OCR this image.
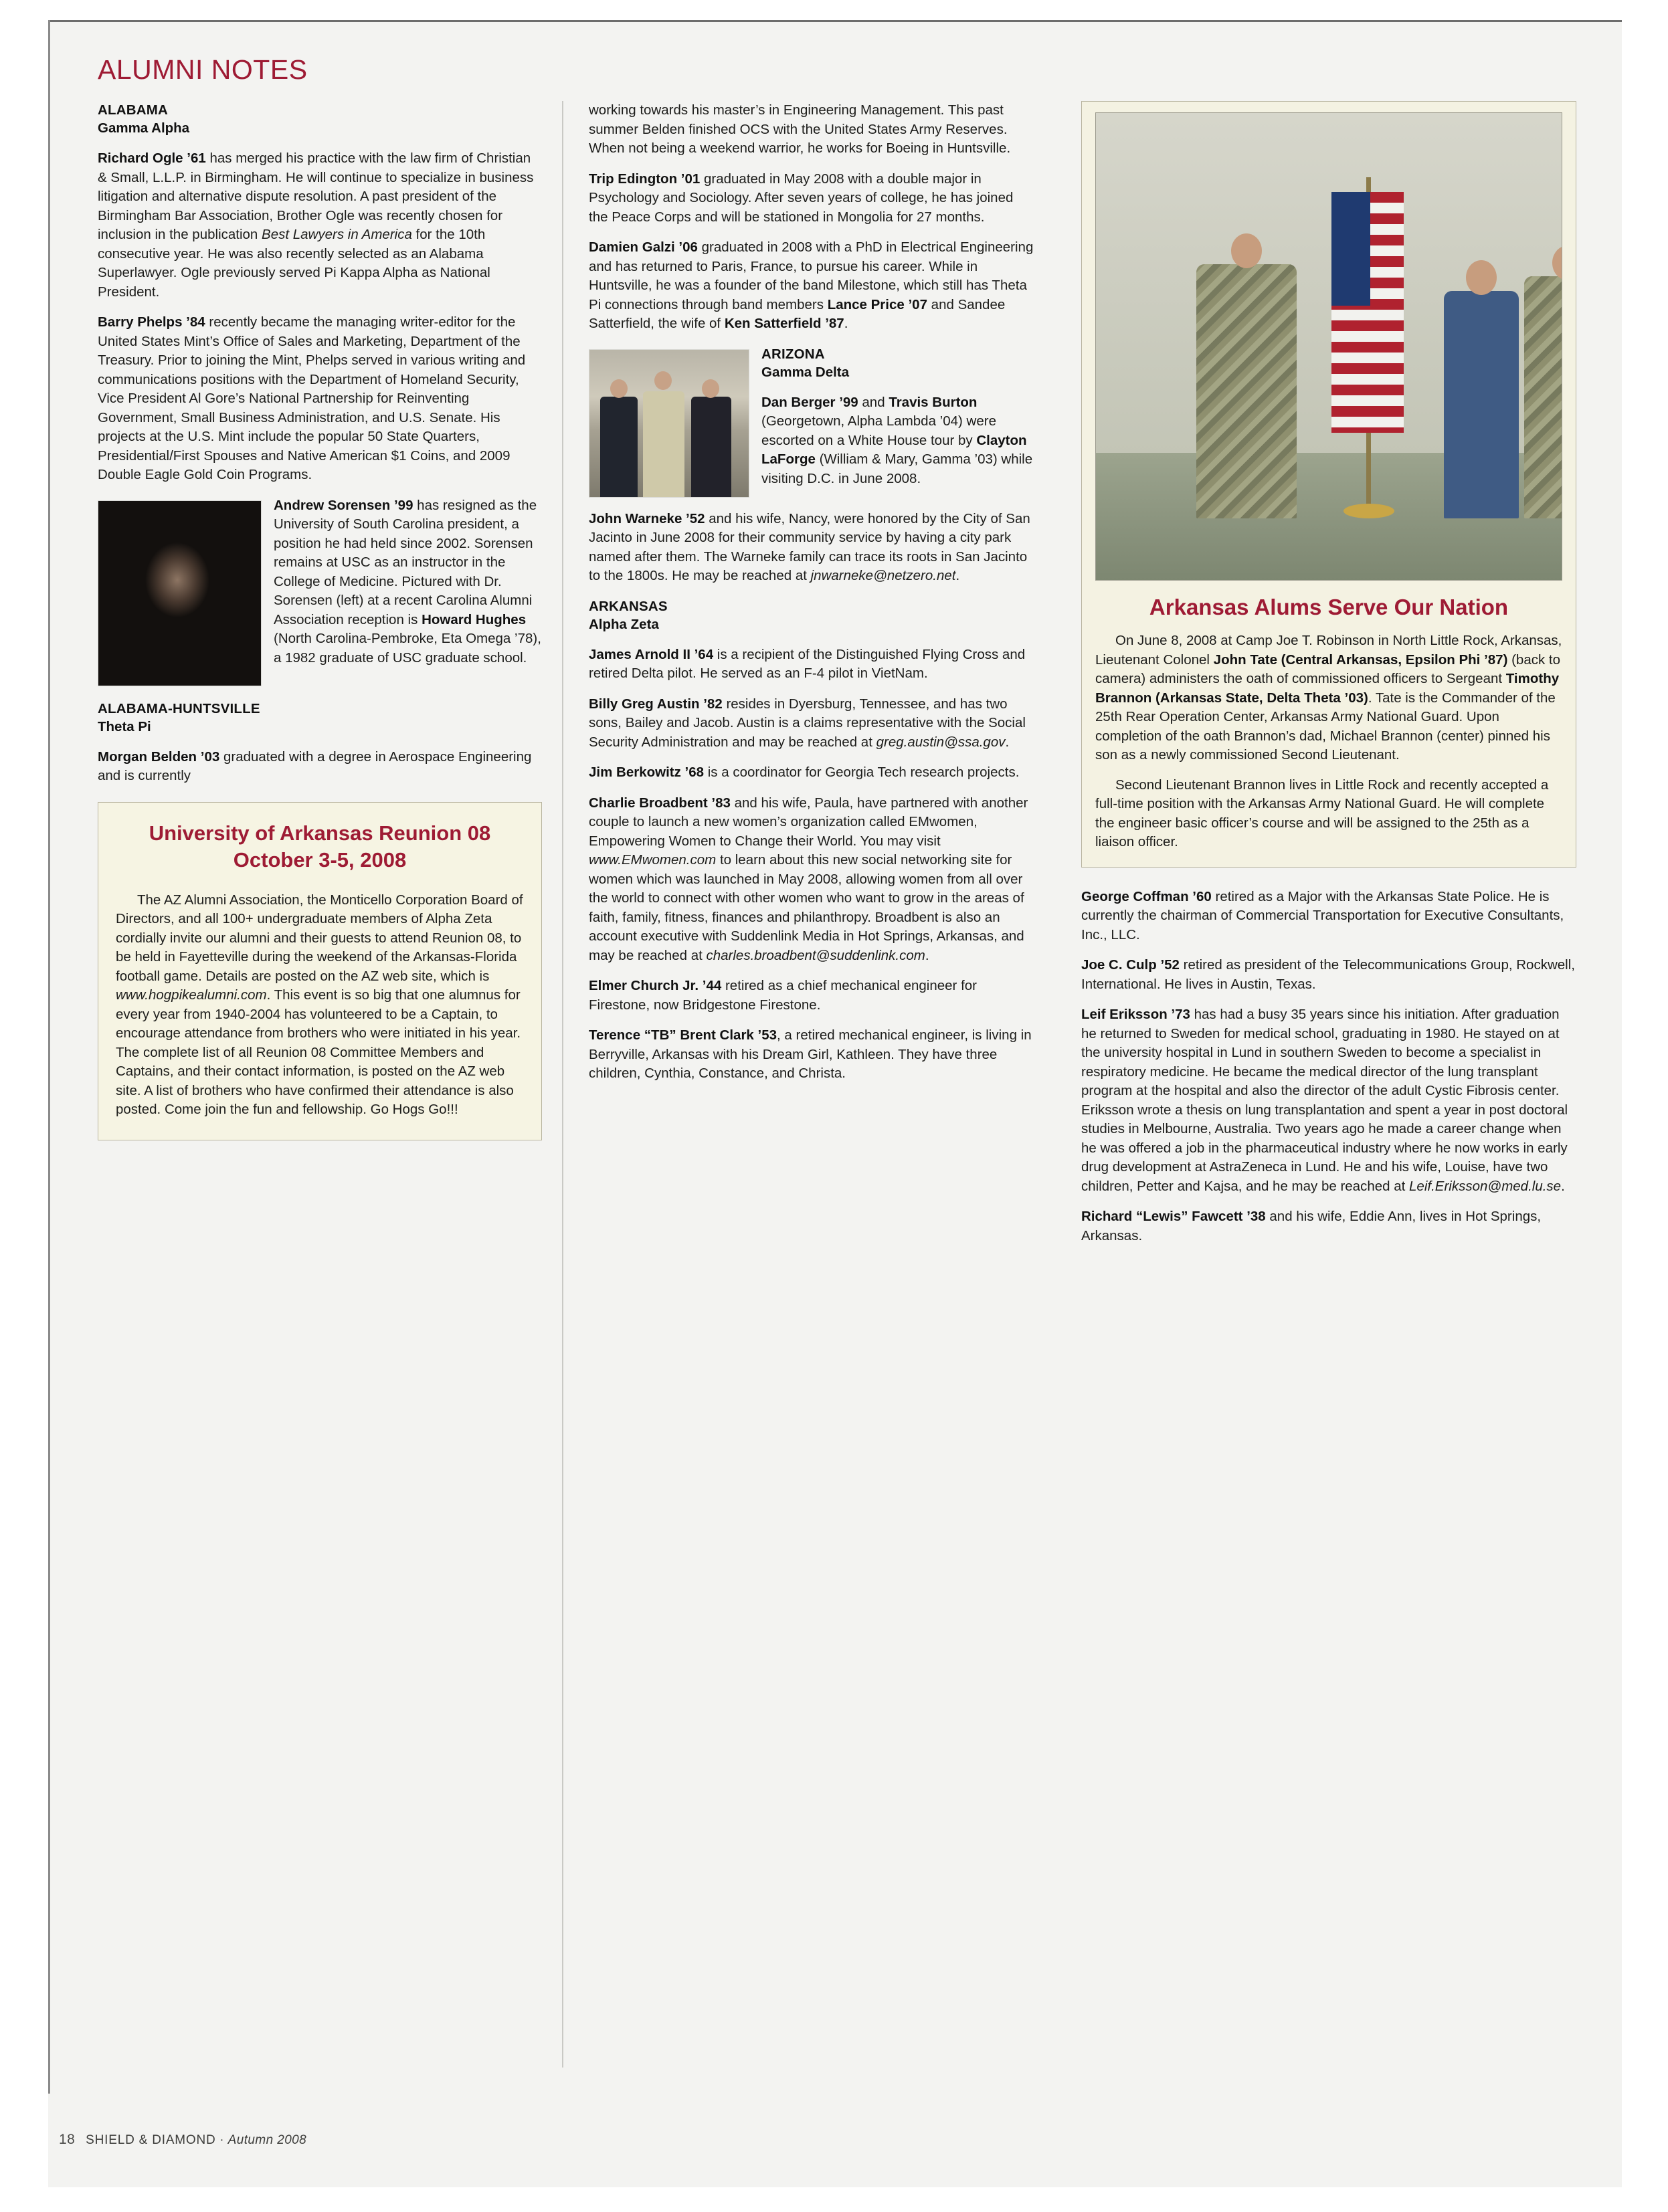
ALUMNI NOTES
ALABAMA
Gamma Alpha

Richard Ogle ’61 has merged his practice with the law firm of Christian & Small, L.L.P. in Birmingham. He will continue to specialize in business litigation and alternative dispute resolution. A past president of the Birmingham Bar Association, Brother Ogle was recently chosen for inclusion in the publication Best Lawyers in America for the 10th consecutive year. He was also recently selected as an Alabama Superlawyer. Ogle previously served Pi Kappa Alpha as National President.

Barry Phelps ’84 recently became the managing writer-editor for the United States Mint’s Office of Sales and Marketing, Department of the Treasury. Prior to joining the Mint, Phelps served in various writing and communications positions with the Department of Homeland Security, Vice President Al Gore’s National Partnership for Reinventing Government, Small Business Administration, and U.S. Senate. His projects at the U.S. Mint include the popular 50 State Quarters, Presidential/First Spouses and Native American $1 Coins, and 2009 Double Eagle Gold Coin Programs.

Andrew Sorensen ’99 has resigned as the University of South Carolina president, a position he had held since 2002. Sorensen remains at USC as an instructor in the College of Medicine. Pictured with Dr. Sorensen (left) at a recent Carolina Alumni Association reception is Howard Hughes (North Carolina-Pembroke, Eta Omega ’78), a 1982 graduate of USC graduate school.

ALABAMA-HUNTSVILLE
Theta Pi

Morgan Belden ’03 graduated with a degree in Aerospace Engineering and is currently

University of Arkansas Reunion 08
October 3-5, 2008

The AZ Alumni Association, the Monticello Corporation Board of Directors, and all 100+ undergraduate members of Alpha Zeta cordially invite our alumni and their guests to attend Reunion 08, to be held in Fayetteville during the weekend of the Arkansas-Florida football game. Details are posted on the AZ web site, which is www.hogpikealumni.com. This event is so big that one alumnus for every year from 1940-2004 has volunteered to be a Captain, to encourage attendance from brothers who were initiated in his year. The complete list of all Reunion 08 Committee Members and Captains, and their contact information, is posted on the AZ web site. A list of brothers who have confirmed their attendance is also posted. Come join the fun and fellowship. Go Hogs Go!!!

working towards his master’s in Engineering Management. This past summer Belden finished OCS with the United States Army Reserves. When not being a weekend warrior, he works for Boeing in Huntsville.

Trip Edington ’01 graduated in May 2008 with a double major in Psychology and Sociology. After seven years of college, he has joined the Peace Corps and will be stationed in Mongolia for 27 months.

Damien Galzi ’06 graduated in 2008 with a PhD in Electrical Engineering and has returned to Paris, France, to pursue his career. While in Huntsville, he was a founder of the band Milestone, which still has Theta Pi connections through band members Lance Price ’07 and Sandee Satterfield, the wife of Ken Satterfield ’87.

ARIZONA
Gamma Delta

Dan Berger ’99 and Travis Burton (Georgetown, Alpha Lambda ’04) were escorted on a White House tour by Clayton LaForge (William & Mary, Gamma ’03) while visiting D.C. in June 2008.

John Warneke ’52 and his wife, Nancy, were honored by the City of San Jacinto in June 2008 for their community service by having a city park named after them. The Warneke family can trace its roots in San Jacinto to the 1800s. He may be reached at jnwarneke@netzero.net.

ARKANSAS
Alpha Zeta

James Arnold II ’64 is a recipient of the Distinguished Flying Cross and retired Delta pilot. He served as an F-4 pilot in VietNam.

Billy Greg Austin ’82 resides in Dyersburg, Tennessee, and has two sons, Bailey and Jacob. Austin is a claims representative with the Social Security Administration and may be reached at greg.austin@ssa.gov.

Jim Berkowitz ’68 is a coordinator for Georgia Tech research projects.

Charlie Broadbent ’83 and his wife, Paula, have partnered with another couple to launch a new women’s organization called EMwomen, Empowering Women to Change their World. You may visit www.EMwomen.com to learn about this new social networking site for women which was launched in May 2008, allowing women from all over the world to connect with other women who want to grow in the areas of faith, family, fitness, finances and philanthropy. Broadbent is also an account executive with Suddenlink Media in Hot Springs, Arkansas, and may be reached at charles.broadbent@suddenlink.com.

Elmer Church Jr. ’44 retired as a chief mechanical engineer for Firestone, now Bridgestone Firestone.

Terence “TB” Brent Clark ’53, a retired mechanical engineer, is living in Berryville, Arkansas with his Dream Girl, Kathleen. They have three children, Cynthia, Constance, and Christa.

Arkansas Alums Serve Our Nation

On June 8, 2008 at Camp Joe T. Robinson in North Little Rock, Arkansas, Lieutenant Colonel John Tate (Central Arkansas, Epsilon Phi ’87) (back to camera) administers the oath of commissioned officers to Sergeant Timothy Brannon (Arkansas State, Delta Theta ’03). Tate is the Commander of the 25th Rear Operation Center, Arkansas Army National Guard. Upon completion of the oath Brannon’s dad, Michael Brannon (center) pinned his son as a newly commissioned Second Lieutenant.

Second Lieutenant Brannon lives in Little Rock and recently accepted a full-time position with the Arkansas Army National Guard. He will complete the engineer basic officer’s course and will be assigned to the 25th as a liaison officer.

George Coffman ’60 retired as a Major with the Arkansas State Police. He is currently the chairman of Commercial Transportation for Executive Consultants, Inc., LLC.

Joe C. Culp ’52 retired as president of the Telecommunications Group, Rockwell, International. He lives in Austin, Texas.

Leif Eriksson ’73 has had a busy 35 years since his initiation. After graduation he returned to Sweden for medical school, graduating in 1980. He stayed on at the university hospital in Lund in southern Sweden to become a specialist in respiratory medicine. He became the medical director of the lung transplant program at the hospital and also the director of the adult Cystic Fibrosis center. Eriksson wrote a thesis on lung transplantation and spent a year in post doctoral studies in Melbourne, Australia. Two years ago he made a career change when he was offered a job in the pharmaceutical industry where he now works in early drug development at AstraZeneca in Lund. He and his wife, Louise, have two children, Petter and Kajsa, and he may be reached at Leif.Eriksson@med.lu.se.

Richard “Lewis” Fawcett ’38 and his wife, Eddie Ann, lives in Hot Springs, Arkansas.

18 SHIELD & DIAMOND · Autumn 2008
